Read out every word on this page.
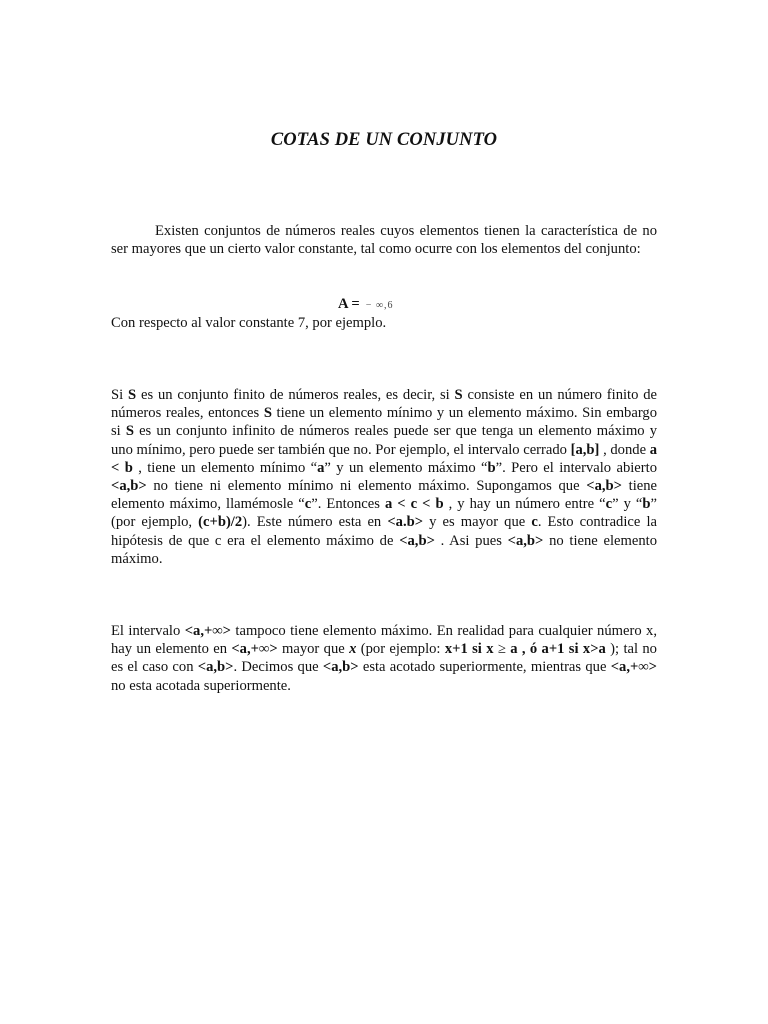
COTAS DE UN CONJUNTO
Existen conjuntos de números reales cuyos elementos tienen la característica de no ser mayores que un cierto valor constante, tal como ocurre con los elementos del conjunto:
A = − ∞,6
Con respecto al valor constante 7, por ejemplo.
Si S es un conjunto finito de números reales, es decir, si S consiste en un número finito de números reales, entonces S tiene un elemento mínimo y un elemento máximo. Sin embargo si S es un conjunto infinito de números reales puede ser que tenga un elemento máximo y uno mínimo, pero puede ser también que no. Por ejemplo, el intervalo cerrado [a,b] , donde a < b , tiene un elemento mínimo “a” y un elemento máximo “b”. Pero el intervalo abierto <a,b> no tiene ni elemento mínimo ni elemento máximo. Supongamos que <a,b> tiene elemento máximo, llamémosle “c”. Entonces a < c < b , y hay un número entre “c” y “b” (por ejemplo, (c+b)/2). Este número esta en <a.b> y es mayor que c. Esto contradice la hipótesis de que c era el elemento máximo de <a,b> . Asi pues <a,b> no tiene elemento máximo.
El intervalo <a,+∞> tampoco tiene elemento máximo. En realidad para cualquier número x, hay un elemento en <a,+∞> mayor que x (por ejemplo: x+1 si x ≥ a , ó a+1 si x>a ); tal no es el caso con <a,b>. Decimos que <a,b> esta acotado superiormente, mientras que <a,+∞> no esta acotada superiormente.
